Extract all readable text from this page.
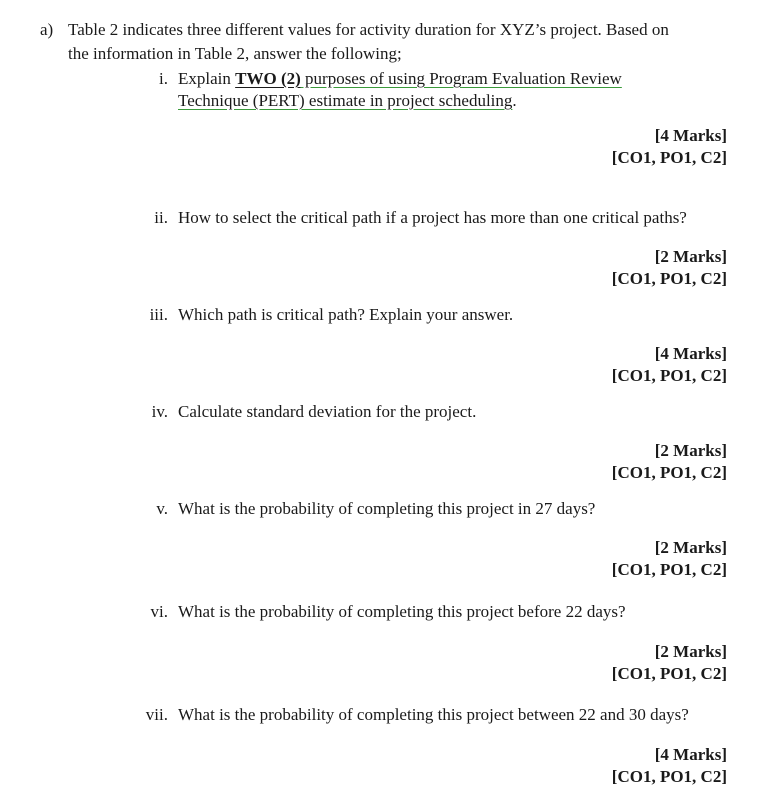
a) Table 2 indicates three different values for activity duration for XYZ’s project. Based on
the information in Table 2, answer the following;
i. Explain TWO (2) purposes of using Program Evaluation Review
Technique (PERT) estimate in project scheduling.
[4 Marks]
[CO1, PO1, C2]
ii. How to select the critical path if a project has more than one critical paths?
[2 Marks]
[CO1, PO1, C2]
iii. Which path is critical path? Explain your answer.
[4 Marks]
[CO1, PO1, C2]
iv. Calculate standard deviation for the project.
[2 Marks]
[CO1, PO1, C2]
v. What is the probability of completing this project in 27 days?
[2 Marks]
[CO1, PO1, C2]
vi. What is the probability of completing this project before 22 days?
[2 Marks]
[CO1, PO1, C2]
vii. What is the probability of completing this project between 22 and 30 days?
[4 Marks]
[CO1, PO1, C2]
